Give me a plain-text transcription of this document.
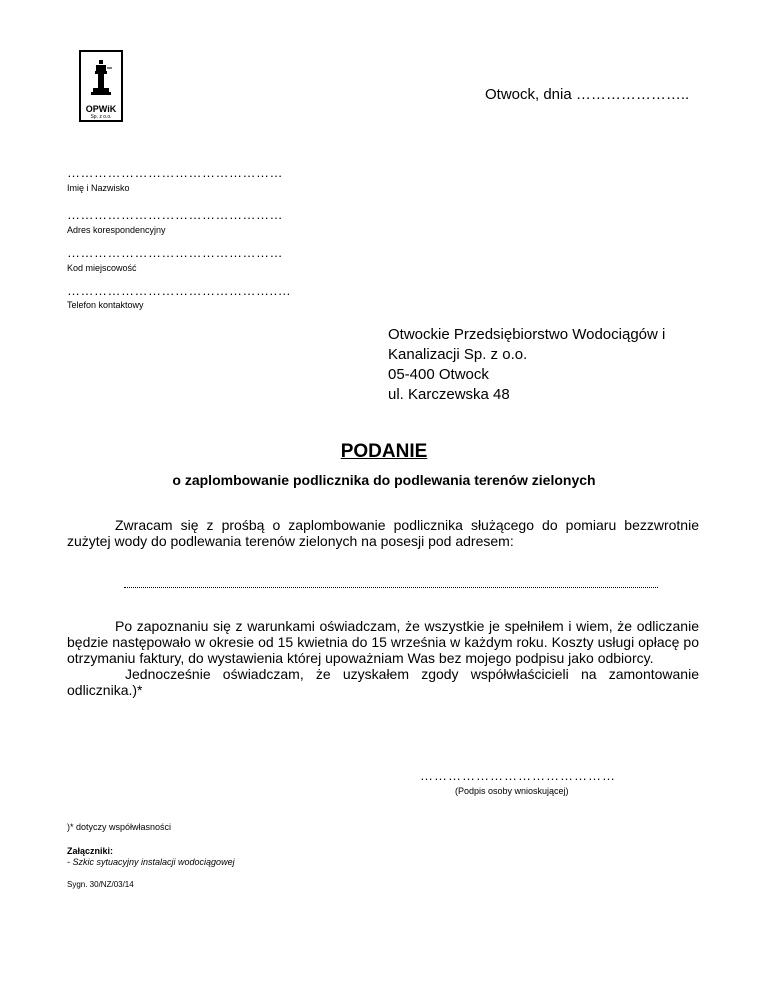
OPWiK
Sp. z o.o.
Otwock, dnia …………………..
…………………………………………
Imię i Nazwisko
…………………………………………
Adres korespondencyjny
…………………………………………
Kod miejscowość
………………………………………..…
Telefon kontaktowy
Otwockie Przedsiębiorstwo Wodociągów i
Kanalizacji Sp. z o.o.
05-400 Otwock
ul. Karczewska 48
PODANIE
o zaplombowanie podlicznika do podlewania terenów zielonych

Zwracam się z prośbą o zaplombowanie podlicznika służącego do pomiaru bezzwrotnie zużytej wody do podlewania terenów zielonych na posesji pod adresem:

Po zapoznaniu się z warunkami oświadczam, że wszystkie je spełniłem i wiem, że odliczanie będzie następowało w okresie od 15 kwietnia do 15 września w każdym roku. Koszty usługi opłacę po otrzymaniu faktury, do wystawienia której upoważniam Was bez mojego podpisu jako odbiorcy.

Jednocześnie oświadczam, że uzyskałem zgody współwłaścicieli na zamontowanie odlicznika.)*

……………………………………
(Podpis osoby wnioskującej)
)* dotyczy współwłasności
Załączniki:
- Szkic sytuacyjny instalacji wodociągowej
Sygn. 30/NZ/03/14
